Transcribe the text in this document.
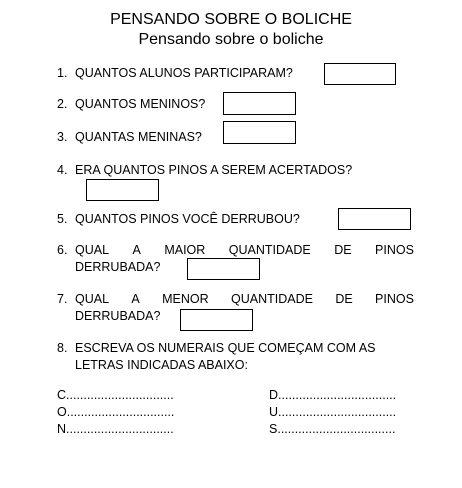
PENSANDO SOBRE O BOLICHE
Pensando sobre o boliche
1. QUANTOS ALUNOS PARTICIPARAM?
2. QUANTOS MENINOS?
3. QUANTAS MENINAS?
4. ERA QUANTOS PINOS A SEREM ACERTADOS?
5. QUANTOS PINOS VOCÊ DERRUBOU?
6. QUAL A MAIOR QUANTIDADE DE PINOS
DERRUBADA?
7. QUAL A MENOR QUANTIDADE DE PINOS
DERRUBADA?
8. ESCREVA OS NUMERAIS QUE COMEÇAM COM AS
LETRAS INDICADAS ABAIXO:
C...............................
O...............................
N...............................
D..................................
U..................................
S..................................
